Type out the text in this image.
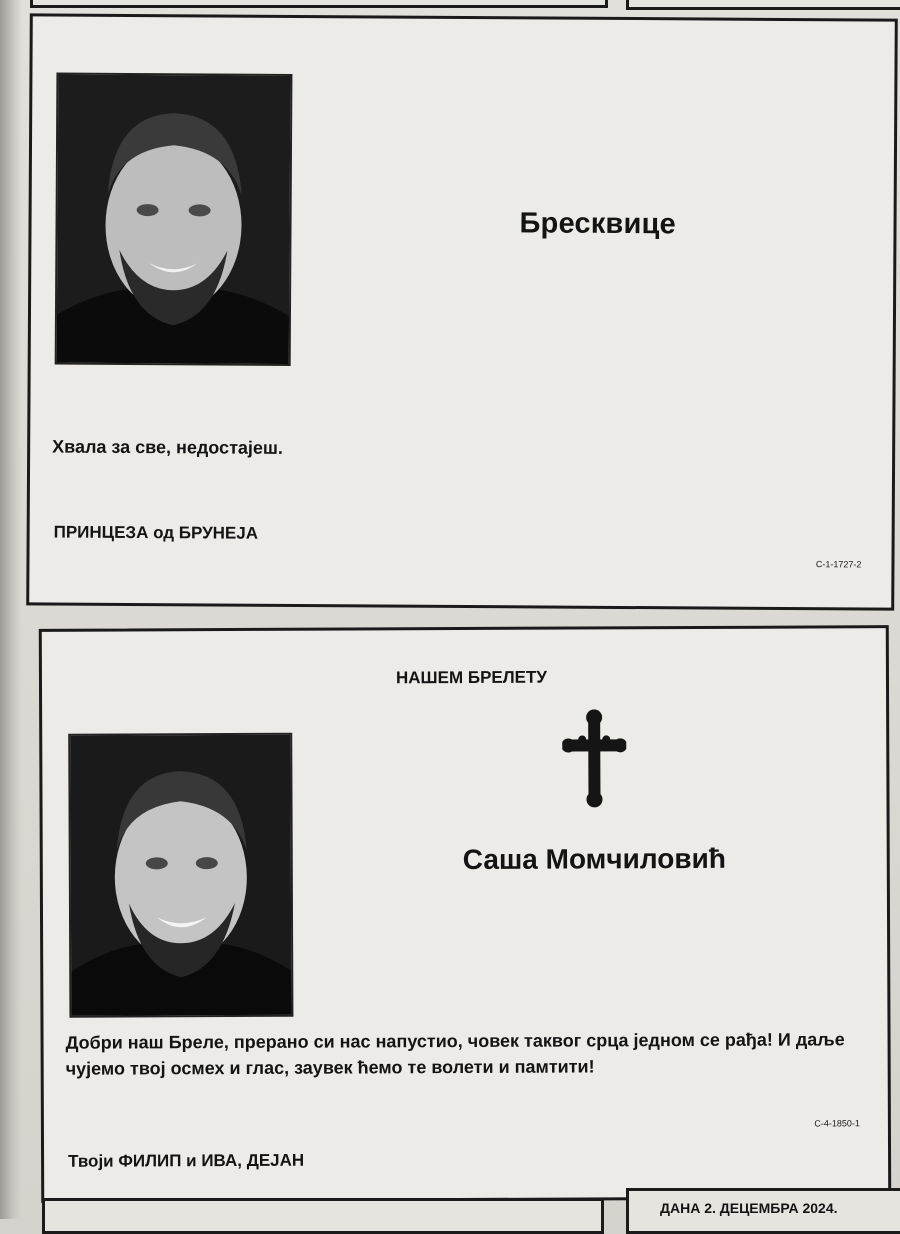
Бресквице
Хвала за све, недостајеш.
ПРИНЦЕЗА од БРУНЕЈА
С-1-1727-2
НАШЕМ БРЕЛЕТУ
Саша Момчиловић
Добри наш Бреле, прерано си нас напустио, човек таквог срца једном се рађа! И даље чујемо твој осмех и глас, заувек ћемо те волети и памтити!
С-4-1850-1
Твоји ФИЛИП и ИВА, ДЕЈАН
ДАНА 2. ДЕЦЕМБРА 2024.
